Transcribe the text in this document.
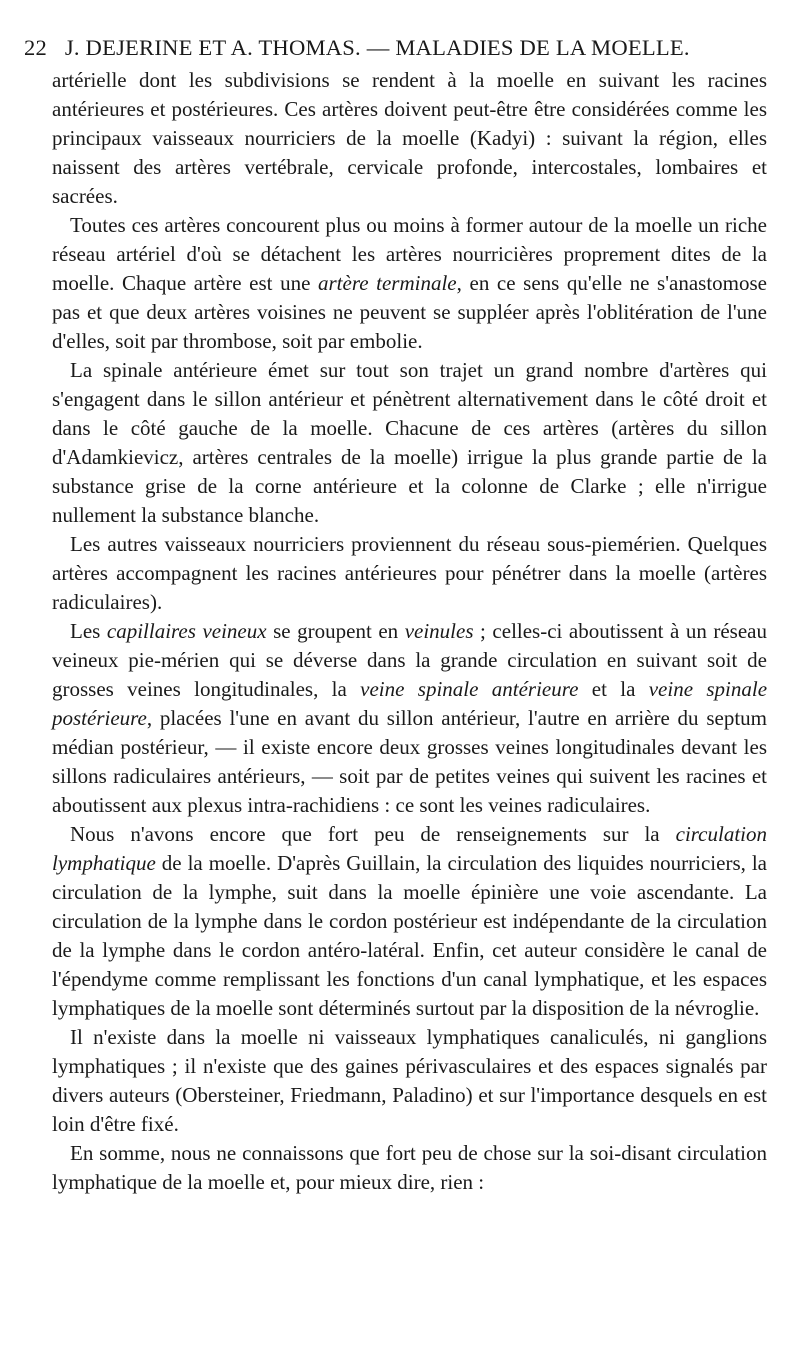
22 J. DEJERINE ET A. THOMAS. — MALADIES DE LA MOELLE.

artérielle dont les subdivisions se rendent à la moelle en suivant les racines antérieures et postérieures. Ces artères doivent peut-être être considérées comme les principaux vaisseaux nourriciers de la moelle (Kadyi) : suivant la région, elles naissent des artères vertébrale, cervicale profonde, intercostales, lombaires et sacrées.

Toutes ces artères concourent plus ou moins à former autour de la moelle un riche réseau artériel d'où se détachent les artères nourricières proprement dites de la moelle. Chaque artère est une artère terminale, en ce sens qu'elle ne s'anastomose pas et que deux artères voisines ne peuvent se suppléer après l'oblitération de l'une d'elles, soit par thrombose, soit par embolie.

La spinale antérieure émet sur tout son trajet un grand nombre d'artères qui s'engagent dans le sillon antérieur et pénètrent alternativement dans le côté droit et dans le côté gauche de la moelle. Chacune de ces artères (artères du sillon d'Adamkievicz, artères centrales de la moelle) irrigue la plus grande partie de la substance grise de la corne antérieure et la colonne de Clarke ; elle n'irrigue nullement la substance blanche.

Les autres vaisseaux nourriciers proviennent du réseau sous-piemérien. Quelques artères accompagnent les racines antérieures pour pénétrer dans la moelle (artères radiculaires).

Les capillaires veineux se groupent en veinules ; celles-ci aboutissent à un réseau veineux pie-mérien qui se déverse dans la grande circulation en suivant soit de grosses veines longitudinales, la veine spinale antérieure et la veine spinale postérieure, placées l'une en avant du sillon antérieur, l'autre en arrière du septum médian postérieur, — il existe encore deux grosses veines longitudinales devant les sillons radiculaires antérieurs, — soit par de petites veines qui suivent les racines et aboutissent aux plexus intra-rachidiens : ce sont les veines radiculaires.

Nous n'avons encore que fort peu de renseignements sur la circulation lymphatique de la moelle. D'après Guillain, la circulation des liquides nourriciers, la circulation de la lymphe, suit dans la moelle épinière une voie ascendante. La circulation de la lymphe dans le cordon postérieur est indépendante de la circulation de la lymphe dans le cordon antéro-latéral. Enfin, cet auteur considère le canal de l'épendyme comme remplissant les fonctions d'un canal lymphatique, et les espaces lymphatiques de la moelle sont déterminés surtout par la disposition de la névroglie.

Il n'existe dans la moelle ni vaisseaux lymphatiques canaliculés, ni ganglions lymphatiques ; il n'existe que des gaines périvasculaires et des espaces signalés par divers auteurs (Obersteiner, Friedmann, Paladino) et sur l'importance desquels en est loin d'être fixé.

En somme, nous ne connaissons que fort peu de chose sur la soi-disant circulation lymphatique de la moelle et, pour mieux dire, rien :
